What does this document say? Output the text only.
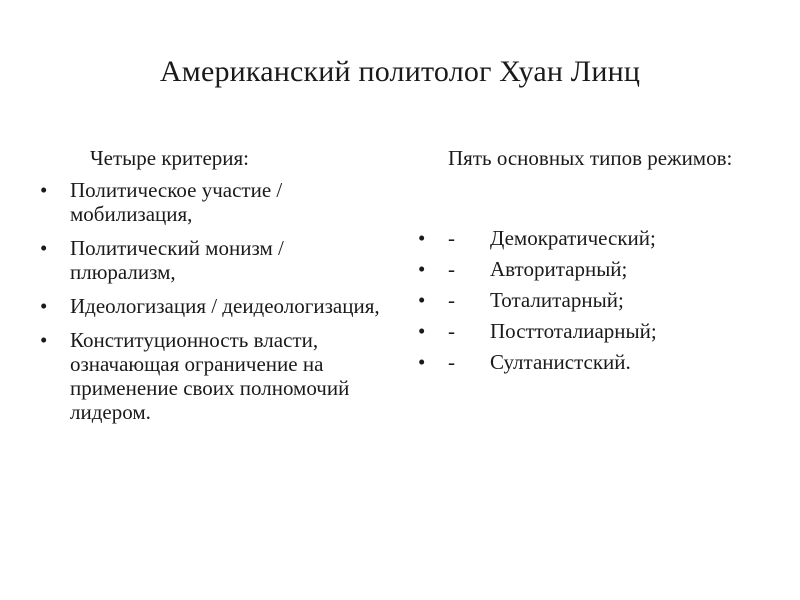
Американский политолог Хуан Линц
Четыре критерия:
•	Политическое участие / мобилизация,
•	Политический монизм / плюрализм,
•	Идеологизация / деидеологизация,
•	Конституционность власти, означающая ограничение на применение своих полномочий лидером.
Пять основных типов режимов:
• - Демократический;
• - Авторитарный;
• - Тоталитарный;
• - Посттоталиарный;
• - Султанистский.
